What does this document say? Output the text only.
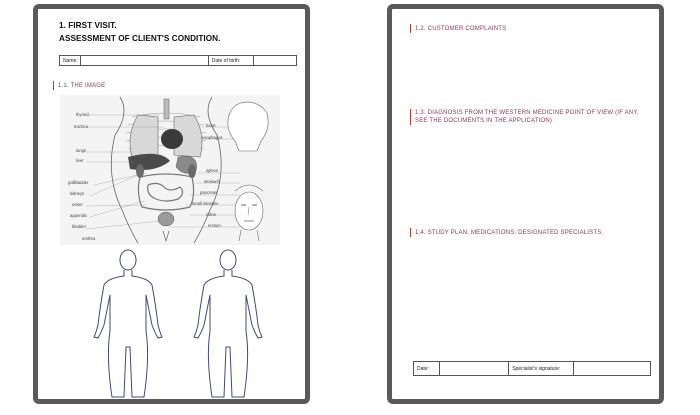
1. FIRST VISIT.
ASSESSMENT OF CLIENT'S CONDITION.
Name:	Date of birth:
1.1. THE IMAGE
thyroid
trachea
lungs
liver
gallbladder
kidneys
ureter
appendix
bladder
urethra
heart
esophagus
spleen
stomach
pancreas
small intestine
colon
rectum
1.2. CUSTOMER COMPLAINTS
1.3. DIAGNOSIS FROM THE WESTERN MEDICINE POINT OF VIEW (IF ANY,
SEE THE DOCUMENTS IN THE APPLICATION)
1.4. STUDY PLAN. MEDICATIONS. DESIGNATED SPECIALISTS.
Date:	Specialist's signature:
